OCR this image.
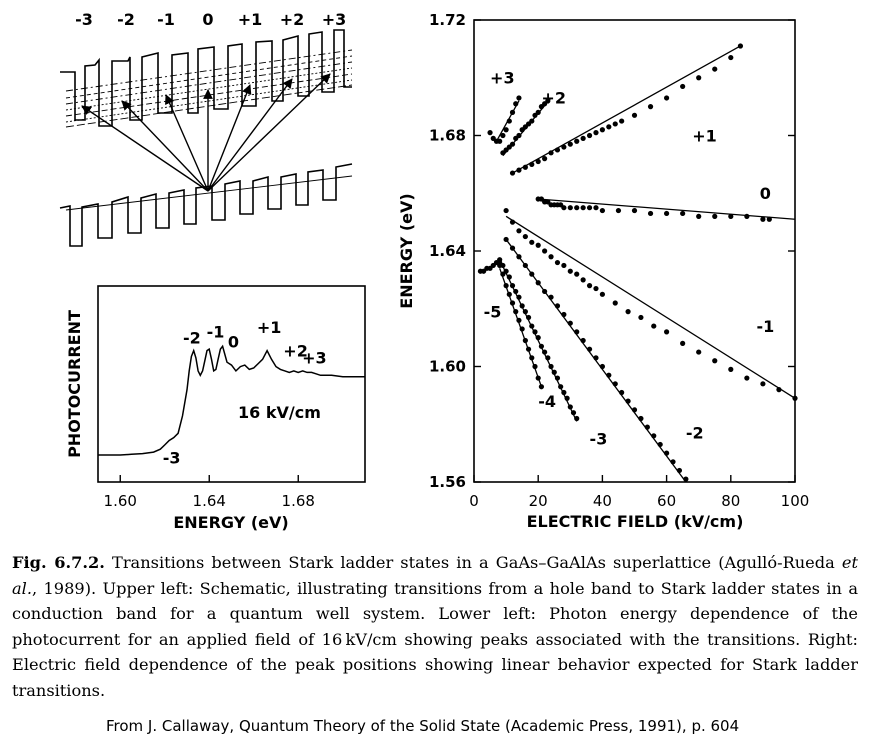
-3 -2 -1 0 +1 +2 +3
1.60	1.64	1.68
-3
-2 -1
0
+1
+2
+3
16 kV/cm
ENERGY (eV)
PHOTOCURRENT
0	20	40	60	80	100
1.56
1.60
1.64
1.68
1.72
+3
+2
+1
0
-1
-2
-3
-4
-5
ELECTRIC FIELD (kV/cm)
ENERGY (eV)
Fig. 6.7.2. Transitions between Stark ladder states in a GaAs–GaAlAs superlattice (Agulló-Rueda et al., 1989). Upper left: Schematic, illustrating transitions from a hole band to Stark ladder states in a conduction band for a quantum well system. Lower left: Photon energy dependence of the photocurrent for an applied field of 16 kV/cm showing peaks associated with the transitions. Right: Electric field dependence of the peak positions showing linear behavior expected for Stark ladder transitions.
From J. Callaway, Quantum Theory of the Solid State (Academic Press, 1991), p. 604
